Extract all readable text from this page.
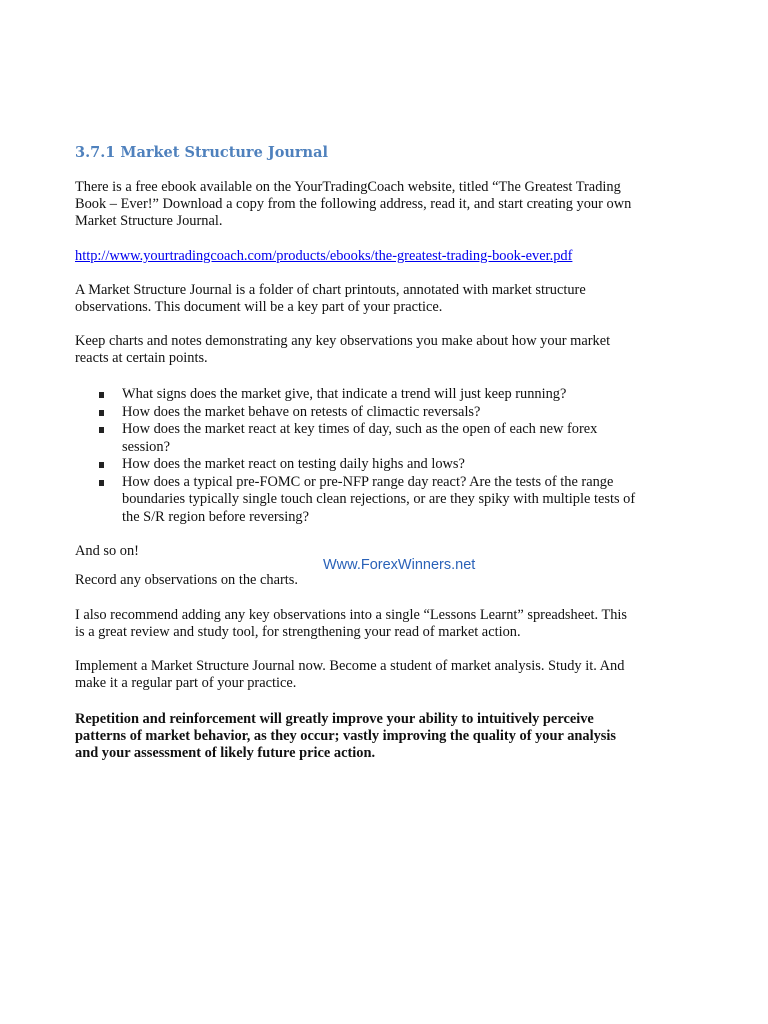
3.7.1 Market Structure Journal
There is a free ebook available on the YourTradingCoach website, titled “The Greatest Trading
Book – Ever!” Download a copy from the following address, read it, and start creating your own
Market Structure Journal.
http://www.yourtradingcoach.com/products/ebooks/the-greatest-trading-book-ever.pdf
A Market Structure Journal is a folder of chart printouts, annotated with market structure
observations. This document will be a key part of your practice.
Keep charts and notes demonstrating any key observations you make about how your market
reacts at certain points.
What signs does the market give, that indicate a trend will just keep running?
How does the market behave on retests of climactic reversals?
How does the market react at key times of day, such as the open of each new forex
session?
How does the market react on testing daily highs and lows?
How does a typical pre-FOMC or pre-NFP range day react? Are the tests of the range
boundaries typically single touch clean rejections, or are they spiky with multiple tests of
the S/R region before reversing?
And so on!
Www.ForexWinners.net
Record any observations on the charts.
I also recommend adding any key observations into a single “Lessons Learnt” spreadsheet. This
is a great review and study tool, for strengthening your read of market action.
Implement a Market Structure Journal now. Become a student of market analysis. Study it. And
make it a regular part of your practice.
Repetition and reinforcement will greatly improve your ability to intuitively perceive
patterns of market behavior, as they occur; vastly improving the quality of your analysis
and your assessment of likely future price action.
